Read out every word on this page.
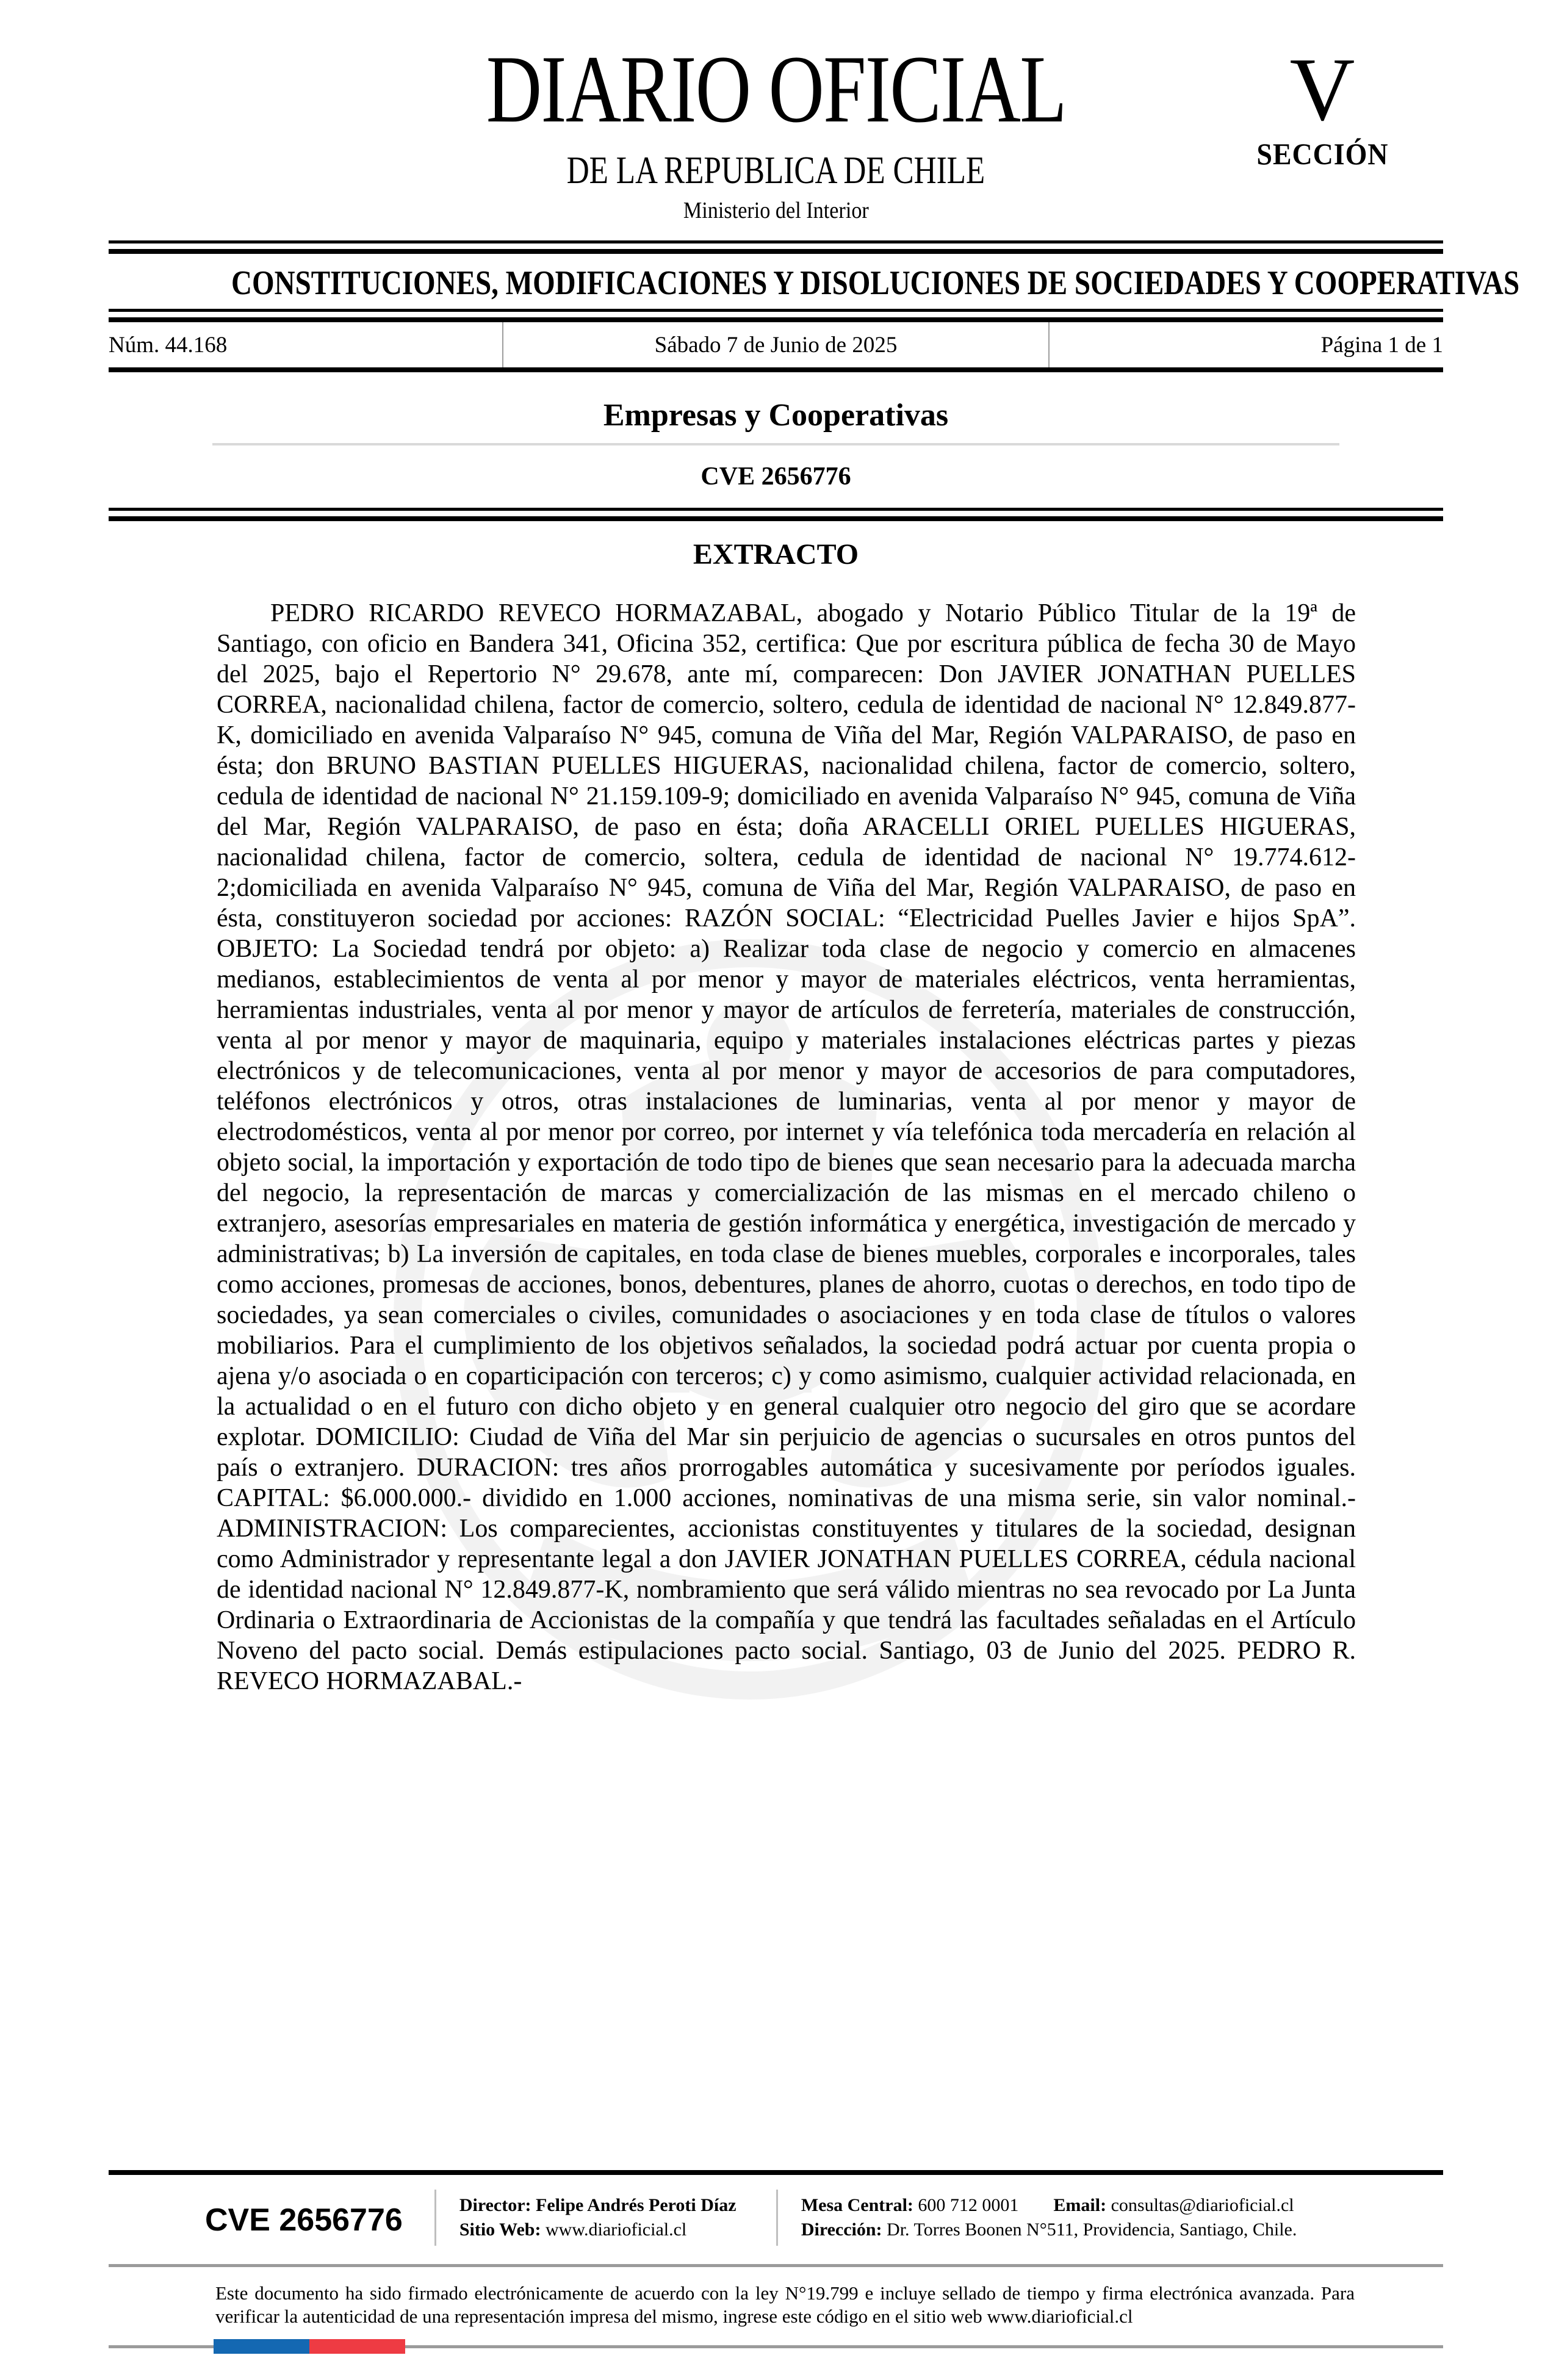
DIARIO OFICIAL
DE LA REPUBLICA DE CHILE
Ministerio del Interior
V
SECCIÓN
CONSTITUCIONES, MODIFICACIONES Y DISOLUCIONES DE SOCIEDADES Y COOPERATIVAS
Núm. 44.168	Sábado 7 de Junio de 2025	Página 1 de 1
Empresas y Cooperativas
CVE 2656776
EXTRACTO

PEDRO RICARDO REVECO HORMAZABAL, abogado y Notario Público Titular de la 19ª de Santiago, con oficio en Bandera 341, Oficina 352, certifica: Que por escritura pública de fecha 30 de Mayo del 2025, bajo el Repertorio N° 29.678, ante mí, comparecen: Don JAVIER JONATHAN PUELLES CORREA, nacionalidad chilena, factor de comercio, soltero, cedula de identidad de nacional N° 12.849.877-K, domiciliado en avenida Valparaíso N° 945, comuna de Viña del Mar, Región VALPARAISO, de paso en ésta; don BRUNO BASTIAN PUELLES HIGUERAS, nacionalidad chilena, factor de comercio, soltero, cedula de identidad de nacional N° 21.159.109-9; domiciliado en avenida Valparaíso N° 945, comuna de Viña del Mar, Región VALPARAISO, de paso en ésta; doña ARACELLI ORIEL PUELLES HIGUERAS, nacionalidad chilena, factor de comercio, soltera, cedula de identidad de nacional N° 19.774.612-2;domiciliada en avenida Valparaíso N° 945, comuna de Viña del Mar, Región VALPARAISO, de paso en ésta, constituyeron sociedad por acciones: RAZÓN SOCIAL: “Electricidad Puelles Javier e hijos SpA”. OBJETO: La Sociedad tendrá por objeto: a) Realizar toda clase de negocio y comercio en almacenes medianos, establecimientos de venta al por menor y mayor de materiales eléctricos, venta herramientas, herramientas industriales, venta al por menor y mayor de artículos de ferretería, materiales de construcción, venta al por menor y mayor de maquinaria, equipo y materiales instalaciones eléctricas partes y piezas electrónicos y de telecomunicaciones, venta al por menor y mayor de accesorios de para computadores, teléfonos electrónicos y otros, otras instalaciones de luminarias, venta al por menor y mayor de electrodomésticos, venta al por menor por correo, por internet y vía telefónica toda mercadería en relación al objeto social, la importación y exportación de todo tipo de bienes que sean necesario para la adecuada marcha del negocio, la representación de marcas y comercialización de las mismas en el mercado chileno o extranjero, asesorías empresariales en materia de gestión informática y energética, investigación de mercado y administrativas; b) La inversión de capitales, en toda clase de bienes muebles, corporales e incorporales, tales como acciones, promesas de acciones, bonos, debentures, planes de ahorro, cuotas o derechos, en todo tipo de sociedades, ya sean comerciales o civiles, comunidades o asociaciones y en toda clase de títulos o valores mobiliarios. Para el cumplimiento de los objetivos señalados, la sociedad podrá actuar por cuenta propia o ajena y/o asociada o en coparticipación con terceros; c) y como asimismo, cualquier actividad relacionada, en la actualidad o en el futuro con dicho objeto y en general cualquier otro negocio del giro que se acordare explotar. DOMICILIO: Ciudad de Viña del Mar sin perjuicio de agencias o sucursales en otros puntos del país o extranjero. DURACION: tres años prorrogables automática y sucesivamente por períodos iguales. CAPITAL: $6.000.000.- dividido en 1.000 acciones, nominativas de una misma serie, sin valor nominal.- ADMINISTRACION: Los comparecientes, accionistas constituyentes y titulares de la sociedad, designan como Administrador y representante legal a don JAVIER JONATHAN PUELLES CORREA, cédula nacional de identidad nacional N° 12.849.877-K, nombramiento que será válido mientras no sea revocado por La Junta Ordinaria o Extraordinaria de Accionistas de la compañía y que tendrá las facultades señaladas en el Artículo Noveno del pacto social. Demás estipulaciones pacto social. Santiago, 03 de Junio del 2025. PEDRO R. REVECO HORMAZABAL.-

CVE 2656776	Director: Felipe Andrés Peroti Díaz
Sitio Web: www.diarioficial.cl
Mesa Central: 600 712 0001 Email: consultas@diarioficial.cl
Dirección: Dr. Torres Boonen N°511, Providencia, Santiago, Chile.

Este documento ha sido firmado electrónicamente de acuerdo con la ley N°19.799 e incluye sellado de tiempo y firma electrónica avanzada. Para verificar la autenticidad de una representación impresa del mismo, ingrese este código en el sitio web www.diarioficial.cl
